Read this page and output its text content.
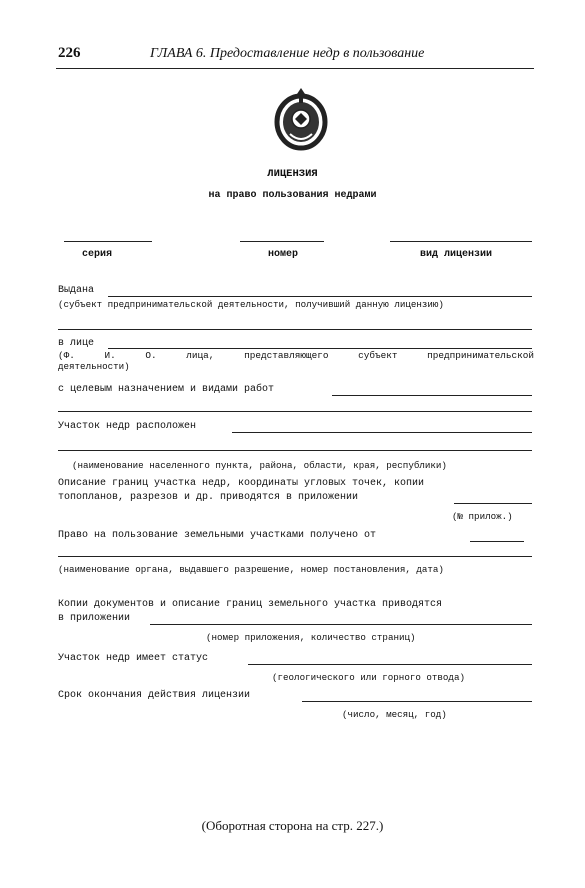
226	ГЛАВА 6. Предоставление недр в пользование
ЛИЦЕНЗИЯ
на право пользования недрами
серия	номер	вид лицензии
Выдана
(субъект предпринимательской деятельности, получивший данную лицензию)
в лице
(Ф.	И.	О.	лица,	представляющего	субъект	предпринимательской
деятельности)
с целевым назначением и видами работ
Участок недр расположен
(наименование населенного пункта, района, области, края, республики)
Описание границ участка недр, координаты угловых точек, копии
топопланов, разрезов и др. приводятся в приложении
(№ прилож.)
Право на пользование земельными участками получено от
(наименование органа, выдавшего разрешение, номер постановления, дата)
Копии документов и описание границ земельного участка приводятся
в приложении
(номер приложения, количество страниц)
Участок недр имеет статус
(геологического или горного отвода)
Срок окончания действия лицензии
(число, месяц, год)
(Оборотная сторона на стр. 227.)
